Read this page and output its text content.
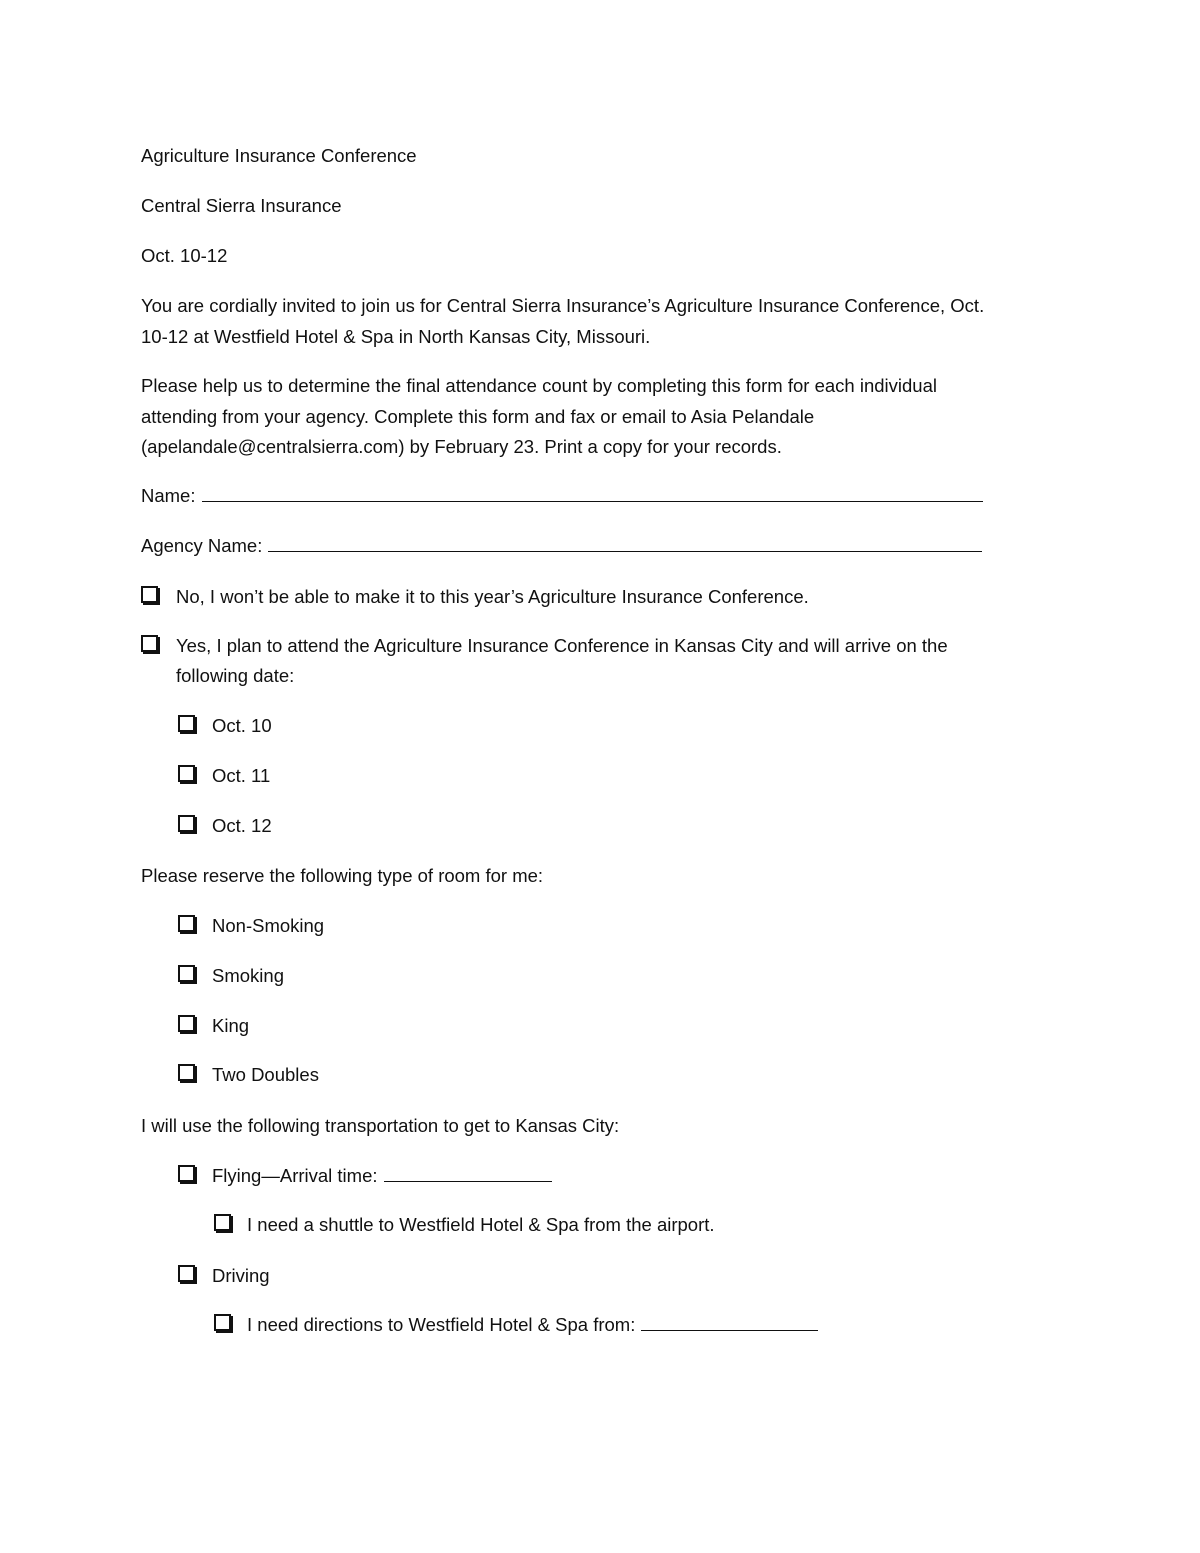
Agriculture Insurance Conference
Central Sierra Insurance
Oct. 10-12
You are cordially invited to join us for Central Sierra Insurance’s Agriculture Insurance Conference, Oct.
10-12 at Westfield Hotel & Spa in North Kansas City, Missouri.
Please help us to determine the final attendance count by completing this form for each individual
attending from your agency. Complete this form and fax or email to Asia Pelandale
(apelandale@centralsierra.com) by February 23. Print a copy for your records.
Name:
Agency Name:
No, I won’t be able to make it to this year’s Agriculture Insurance Conference.
Yes, I plan to attend the Agriculture Insurance Conference in Kansas City and will arrive on the
following date:
Oct. 10
Oct. 11
Oct. 12
Please reserve the following type of room for me:
Non-Smoking
Smoking
King
Two Doubles
I will use the following transportation to get to Kansas City:
Flying—Arrival time:
I need a shuttle to Westfield Hotel & Spa from the airport.
Driving
I need directions to Westfield Hotel & Spa from:
